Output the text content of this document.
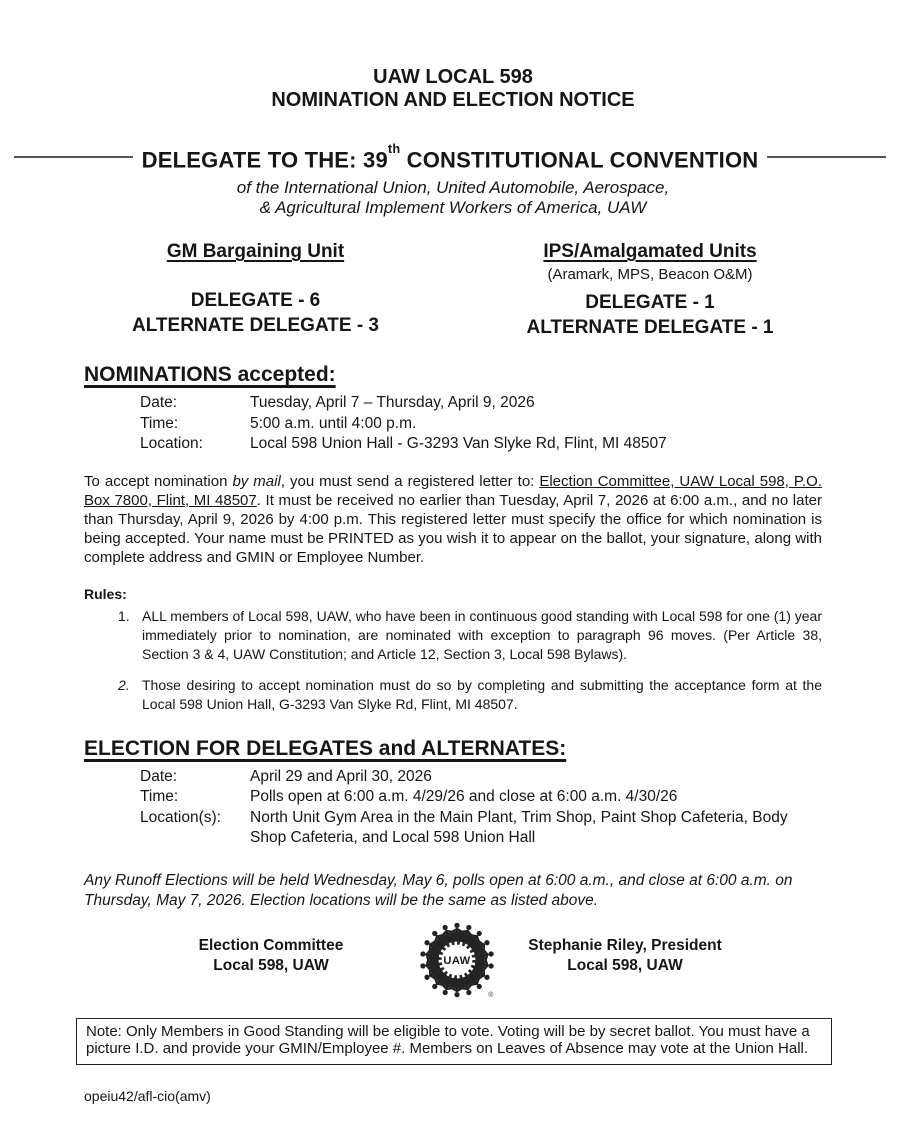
UAW LOCAL 598
NOMINATION AND ELECTION NOTICE
DELEGATE TO THE: 39th CONSTITUTIONAL CONVENTION
of the International Union, United Automobile, Aerospace,
& Agricultural Implement Workers of America, UAW
GM Bargaining Unit
DELEGATE - 6
ALTERNATE DELEGATE - 3
IPS/Amalgamated Units
(Aramark, MPS, Beacon O&M)
DELEGATE - 1
ALTERNATE DELEGATE - 1
NOMINATIONS accepted:
Date:	Tuesday, April 7 – Thursday, April 9, 2026
Time:	5:00 a.m. until 4:00 p.m.
Location:	Local 598 Union Hall - G-3293 Van Slyke Rd, Flint, MI 48507
To accept nomination by mail, you must send a registered letter to: Election Committee, UAW Local 598, P.O. Box 7800, Flint, MI 48507. It must be received no earlier than Tuesday, April 7, 2026 at 6:00 a.m., and no later than Thursday, April 9, 2026 by 4:00 p.m. This registered letter must specify the office for which nomination is being accepted. Your name must be PRINTED as you wish it to appear on the ballot, your signature, along with complete address and GMIN or Employee Number.
Rules:
1. ALL members of Local 598, UAW, who have been in continuous good standing with Local 598 for one (1) year immediately prior to nomination, are nominated with exception to paragraph 96 moves. (Per Article 38, Section 3 & 4, UAW Constitution; and Article 12, Section 3, Local 598 Bylaws).
2. Those desiring to accept nomination must do so by completing and submitting the acceptance form at the Local 598 Union Hall, G-3293 Van Slyke Rd, Flint, MI 48507.
ELECTION FOR DELEGATES and ALTERNATES:
Date:	April 29 and April 30, 2026
Time:	Polls open at 6:00 a.m. 4/29/26 and close at 6:00 a.m. 4/30/26
Location(s):	North Unit Gym Area in the Main Plant, Trim Shop, Paint Shop Cafeteria, Body Shop Cafeteria, and Local 598 Union Hall
Any Runoff Elections will be held Wednesday, May 6, polls open at 6:00 a.m., and close at 6:00 a.m. on Thursday, May 7, 2026. Election locations will be the same as listed above.
Election Committee
Local 598, UAW	UAW
®
Stephanie Riley, President
Local 598, UAW
Note: Only Members in Good Standing will be eligible to vote. Voting will be by secret ballot. You must have a picture I.D. and provide your GMIN/Employee #. Members on Leaves of Absence may vote at the Union Hall.
opeiu42/afl-cio(amv)
